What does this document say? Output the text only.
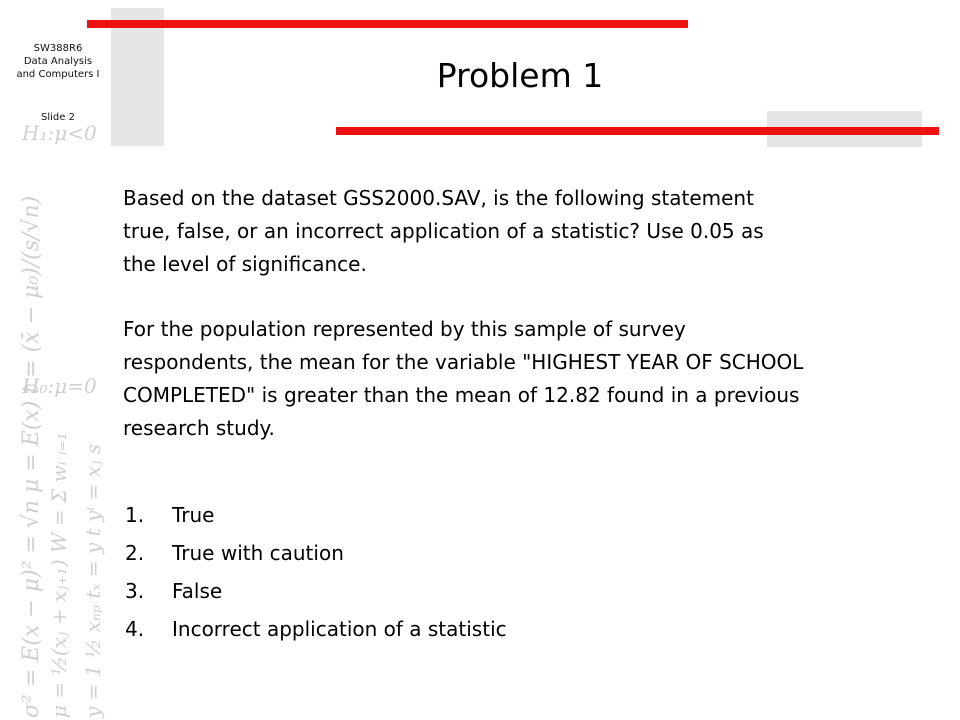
SW388R6
Data Analysis
and Computers I
Slide 2
H₁:μ<0
H₀:μ=0
σ² = E(x − μ)² = √n μ = E(x) t = (x̄ − μ₀)/(s/√n) μ = ½(xⱼ + xⱼ₊₁) W = Σ wᵢ ᵢ₌₁ y = 1 ½ xₙₚ tₓ = y t yⁱ = xⱼ s
Problem 1

Based on the dataset GSS2000.SAV, is the following statement
true, false, or an incorrect application of a statistic? Use 0.05 as
the level of significance.

For the population represented by this sample of survey
respondents, the mean for the variable "HIGHEST YEAR OF SCHOOL
COMPLETED" is greater than the mean of 12.82 found in a previous
research study.

1.	True
2.	True with caution
3.	False
4.	Incorrect application of a statistic
